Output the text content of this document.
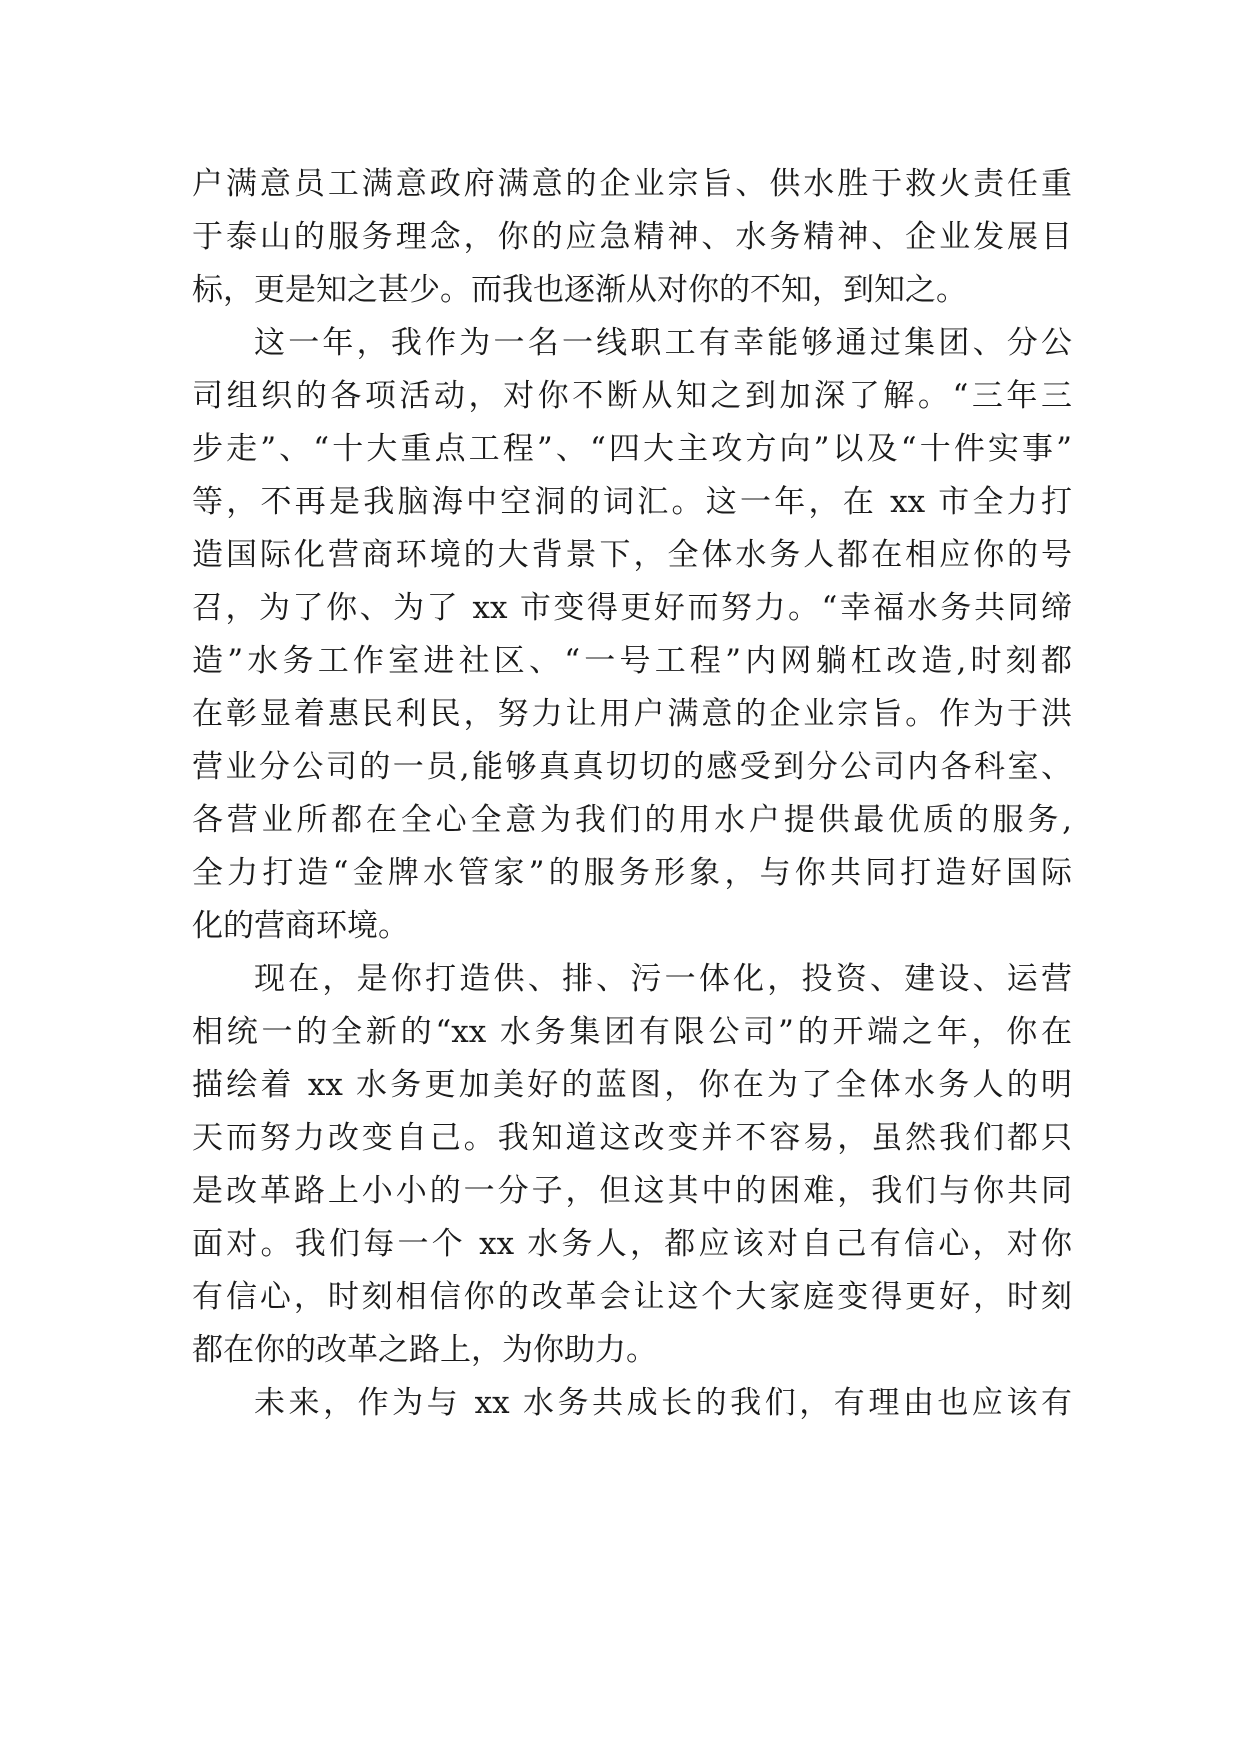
户满意员工满意政府满意的企业宗旨、供水胜于救火责任重
于泰山的服务理念，你的应急精神、水务精神、企业发展目
标，更是知之甚少。而我也逐渐从对你的不知，到知之。
这一年，我作为一名一线职工有幸能够通过集团、分公
司组织的各项活动，对你不断从知之到加深了解。“三年三
步走”、“十大重点工程”、“四大主攻方向”以及“十件实事”
等，不再是我脑海中空洞的词汇。这一年，在 xx 市全力打
造国际化营商环境的大背景下，全体水务人都在相应你的号
召，为了你、为了 xx 市变得更好而努力。“幸福水务共同缔
造”水务工作室进社区、“一号工程”内网躺杠改造,时刻都
在彰显着惠民利民，努力让用户满意的企业宗旨。作为于洪
营业分公司的一员,能够真真切切的感受到分公司内各科室、
各营业所都在全心全意为我们的用水户提供最优质的服务,
全力打造“金牌水管家”的服务形象，与你共同打造好国际
化的营商环境。
现在，是你打造供、排、污一体化，投资、建设、运营
相统一的全新的“xx 水务集团有限公司”的开端之年，你在
描绘着 xx 水务更加美好的蓝图，你在为了全体水务人的明
天而努力改变自己。我知道这改变并不容易，虽然我们都只
是改革路上小小的一分子，但这其中的困难，我们与你共同
面对。我们每一个 xx 水务人，都应该对自己有信心，对你
有信心，时刻相信你的改革会让这个大家庭变得更好，时刻
都在你的改革之路上，为你助力。
未来，作为与 xx 水务共成长的我们，有理由也应该有
